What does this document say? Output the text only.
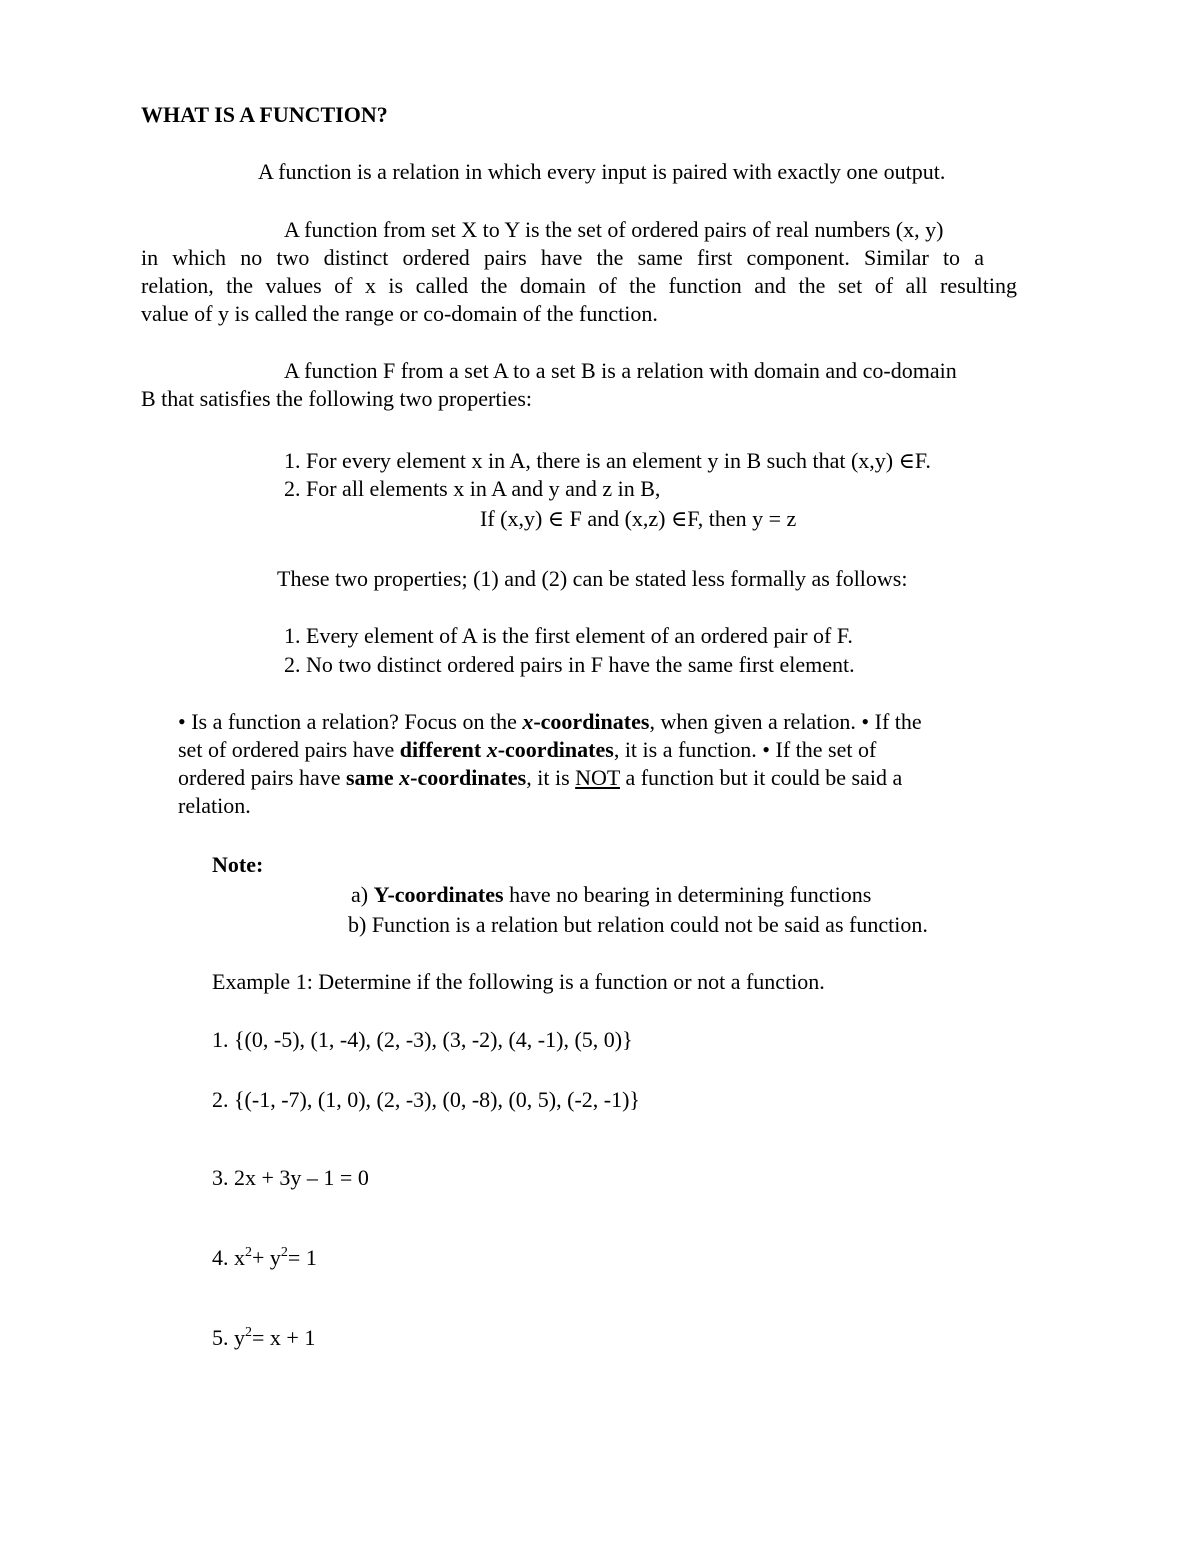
WHAT IS A FUNCTION?
A function is a relation in which every input is paired with exactly one output.
A function from set X to Y is the set of ordered pairs of real numbers (x, y)
in which no two distinct ordered pairs have the same first component. Similar to a
relation, the values of x is called the domain of the function and the set of all resulting
value of y is called the range or co-domain of the function.
A function F from a set A to a set B is a relation with domain and co-domain
B that satisfies the following two properties:
1. For every element x in A, there is an element y in B such that (x,y) ∈F.
2. For all elements x in A and y and z in B,
If (x,y) ∈ F and (x,z) ∈F, then y = z
These two properties; (1) and (2) can be stated less formally as follows:
1. Every element of A is the first element of an ordered pair of F.
2. No two distinct ordered pairs in F have the same first element.
• Is a function a relation? Focus on the x-coordinates, when given a relation. • If the
set of ordered pairs have different x-coordinates, it is a function. • If the set of
ordered pairs have same x-coordinates, it is NOT a function but it could be said a
relation.
Note:
a) Y-coordinates have no bearing in determining functions
b) Function is a relation but relation could not be said as function.
Example 1: Determine if the following is a function or not a function.
1. {(0, -5), (1, -4), (2, -3), (3, -2), (4, -1), (5, 0)}
2. {(-1, -7), (1, 0), (2, -3), (0, -8), (0, 5), (-2, -1)}
3. 2x + 3y – 1 = 0
4. $x^2+ y^2= 1$
5. $y^2= x + 1$
